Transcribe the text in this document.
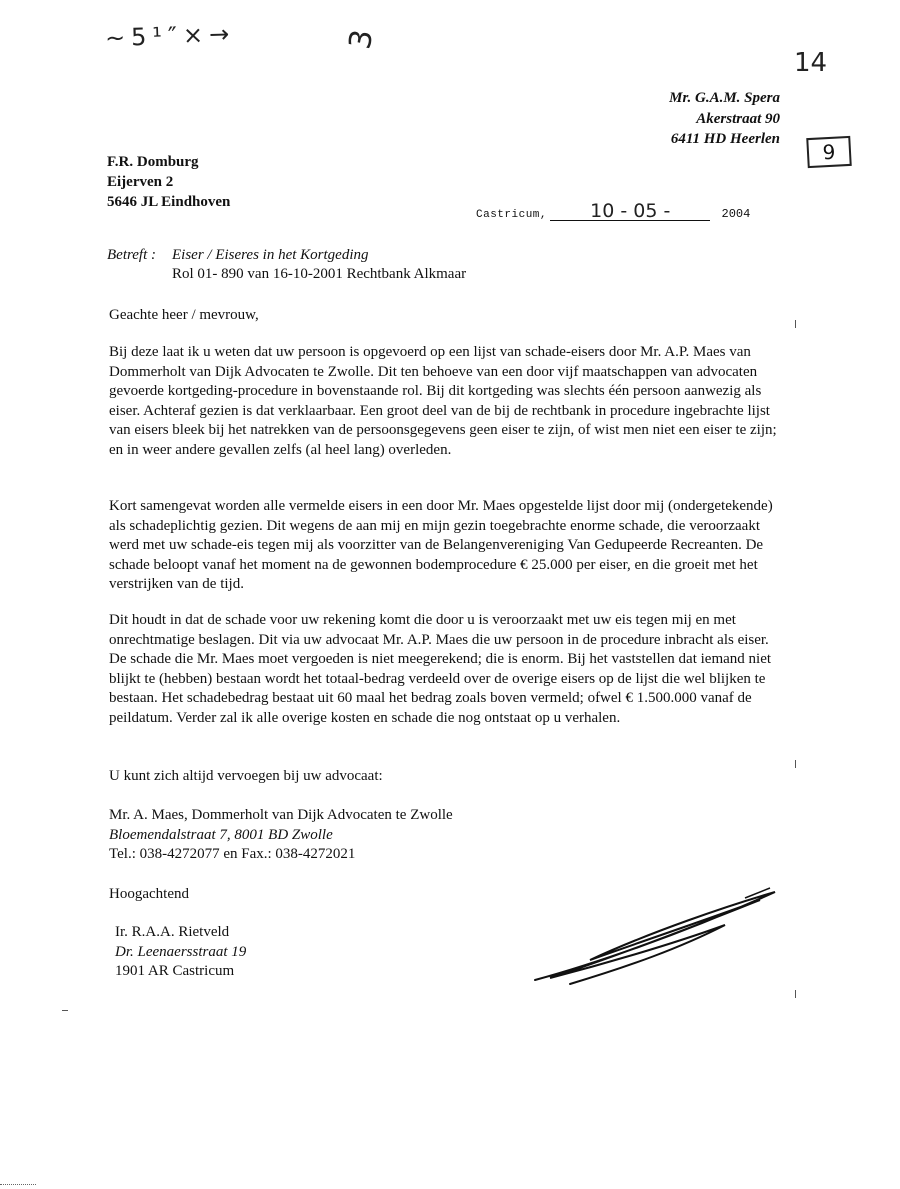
~5¹″×→	3
14
9
Mr. G.A.M. Spera
Akerstraat 90
6411 HD Heerlen
F.R. Domburg
Eijerven 2
5646 JL Eindhoven
Castricum, 10 - 05 -	2004
Betreft : Eiser / Eiseres in het Kortgeding
Rol 01- 890 van 16-10-2001 Rechtbank Alkmaar
Geachte heer / mevrouw,
Bij deze laat ik u weten dat uw persoon is opgevoerd op een lijst van schade-eisers door Mr. A.P. Maes van Dommerholt van Dijk Advocaten te Zwolle. Dit ten behoeve van een door vijf maatschappen van advocaten gevoerde kortgeding-procedure in bovenstaande rol. Bij dit kortgeding was slechts één persoon aanwezig als eiser. Achteraf gezien is dat verklaarbaar. Een groot deel van de bij de rechtbank in procedure ingebrachte lijst van eisers bleek bij het natrekken van de persoonsgegevens geen eiser te zijn, of wist men niet een eiser te zijn; en in weer andere gevallen zelfs (al heel lang) overleden.
Kort samengevat worden alle vermelde eisers in een door Mr. Maes opgestelde lijst door mij (ondergetekende) als schadeplichtig gezien. Dit wegens de aan mij en mijn gezin toegebrachte enorme schade, die veroorzaakt werd met uw schade-eis tegen mij als voorzitter van de Belangenvereniging Van Gedupeerde Recreanten. De schade beloopt vanaf het moment na de gewonnen bodemprocedure € 25.000 per eiser, en die groeit met het verstrijken van de tijd.
Dit houdt in dat de schade voor uw rekening komt die door u is veroorzaakt met uw eis tegen mij en met onrechtmatige beslagen. Dit via uw advocaat Mr. A.P. Maes die uw persoon in de procedure inbracht als eiser. De schade die Mr. Maes moet vergoeden is niet meegerekend; die is enorm. Bij het vaststellen dat iemand niet blijkt te (hebben) bestaan wordt het totaal-bedrag verdeeld over de overige eisers op de lijst die wel blijken te bestaan. Het schadebedrag bestaat uit 60 maal het bedrag zoals boven vermeld; ofwel € 1.500.000 vanaf de peildatum. Verder zal ik alle overige kosten en schade die nog ontstaat op u verhalen.
U kunt zich altijd vervoegen bij uw advocaat:
Mr. A. Maes, Dommerholt van Dijk Advocaten te Zwolle
Bloemendalstraat 7, 8001 BD Zwolle
Tel.: 038-4272077 en Fax.: 038-4272021
Hoogachtend
Ir. R.A.A. Rietveld
Dr. Leenaersstraat 19
1901 AR Castricum
